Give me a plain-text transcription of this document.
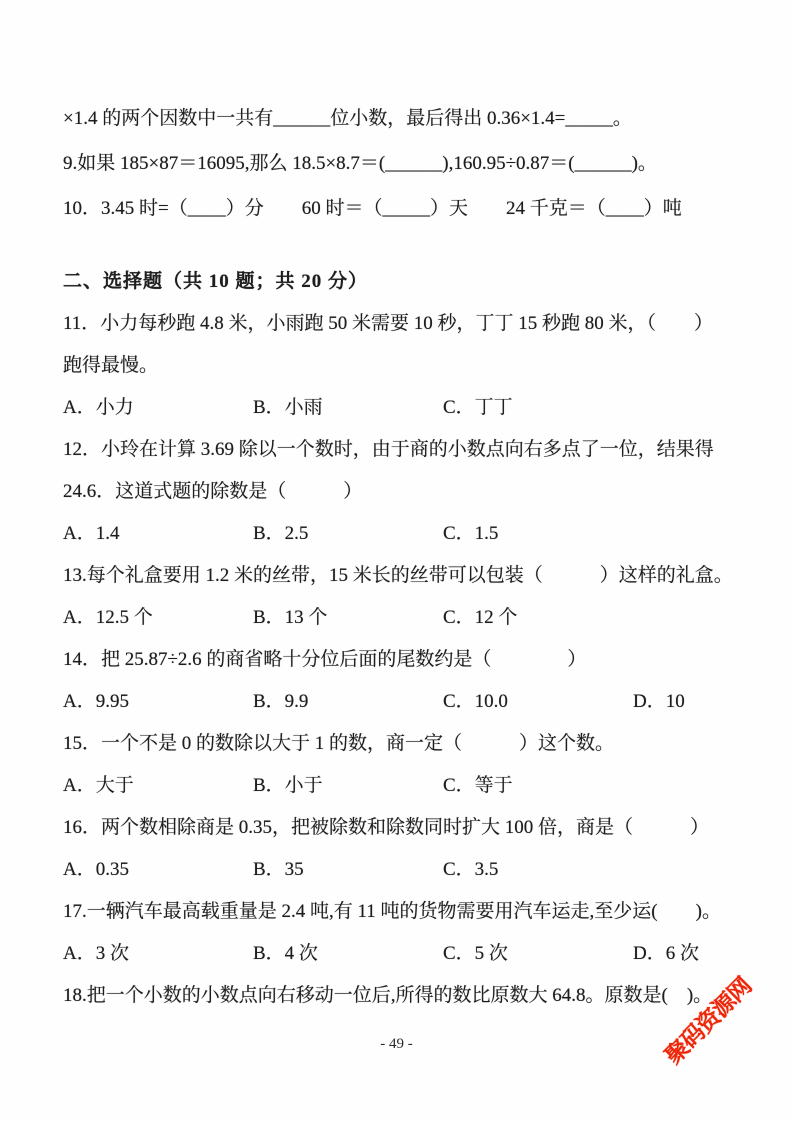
×1.4 的两个因数中一共有______位小数，最后得出 0.36×1.4=_____。
9.如果 185×87＝16095,那么 18.5×8.7＝(______),160.95÷0.87＝(______)。
10．3.45 时=（____）分　　60 时＝（_____）天　　24 千克＝（____）吨
二、选择题（共 10 题；共 20 分）
11．小力每秒跑 4.8 米，小雨跑 50 米需要 10 秒，丁丁 15 秒跑 80 米，（　　）
跑得最慢。
A．小力	B．小雨	C．丁丁
12．小玲在计算 3.69 除以一个数时，由于商的小数点向右多点了一位，结果得
24.6．这道式题的除数是（　　　）
A．1.4	B．2.5	C．1.5
13.每个礼盒要用 1.2 米的丝带，15 米长的丝带可以包装（　　　）这样的礼盒。
A．12.5 个	B．13 个	C．12 个
14．把 25.87÷2.6 的商省略十分位后面的尾数约是（　　　　）
A．9.95	B．9.9	C．10.0	D．10
15．一个不是 0 的数除以大于 1 的数，商一定（　　　）这个数。
A．大于	B．小于	C．等于
16．两个数相除商是 0.35，把被除数和除数同时扩大 100 倍，商是（　　　）
A．0.35	B．35	C．3.5
17.一辆汽车最高载重量是 2.4 吨,有 11 吨的货物需要用汽车运走,至少运(　　)。
A．3 次	B．4 次	C．5 次	D．6 次
18.把一个小数的小数点向右移动一位后,所得的数比原数大 64.8。原数是(　)。
- 49 -	聚码资源网
